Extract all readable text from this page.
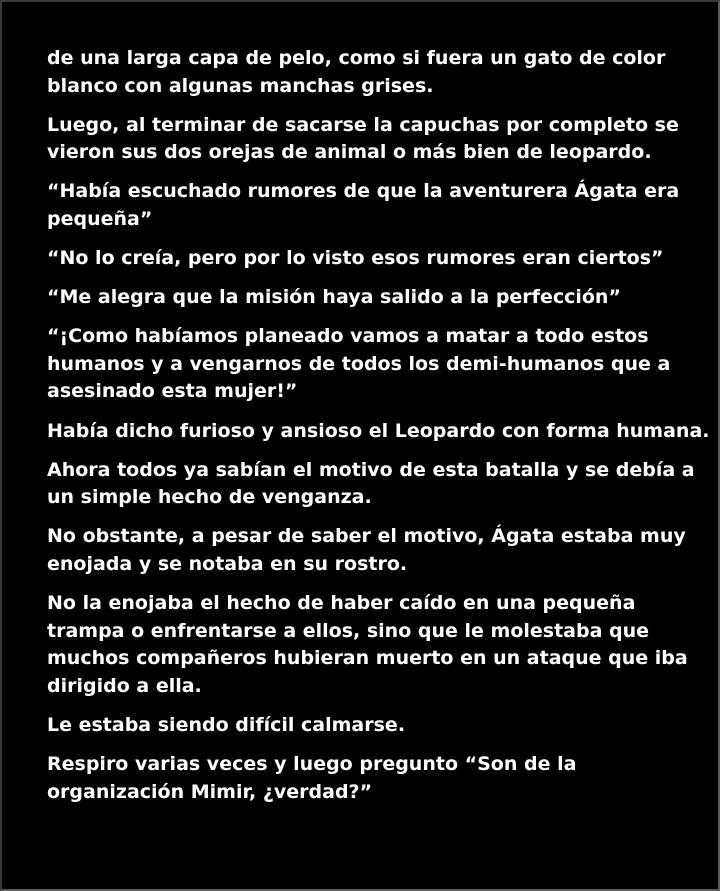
de una larga capa de pelo, como si fuera un gato de color
blanco con algunas manchas grises.

Luego, al terminar de sacarse la capuchas por completo se
vieron sus dos orejas de animal o más bien de leopardo.

“Había escuchado rumores de que la aventurera Ágata era
pequeña”

“No lo creía, pero por lo visto esos rumores eran ciertos”

“Me alegra que la misión haya salido a la perfección”

“¡Como habíamos planeado vamos a matar a todo estos
humanos y a vengarnos de todos los demi-humanos que a
asesinado esta mujer!”

Había dicho furioso y ansioso el Leopardo con forma humana.

Ahora todos ya sabían el motivo de esta batalla y se debía a
un simple hecho de venganza.

No obstante, a pesar de saber el motivo, Ágata estaba muy
enojada y se notaba en su rostro.

No la enojaba el hecho de haber caído en una pequeña
trampa o enfrentarse a ellos, sino que le molestaba que
muchos compañeros hubieran muerto en un ataque que iba
dirigido a ella.

Le estaba siendo difícil calmarse.

Respiro varias veces y luego pregunto “Son de la
organización Mimir, ¿verdad?”
